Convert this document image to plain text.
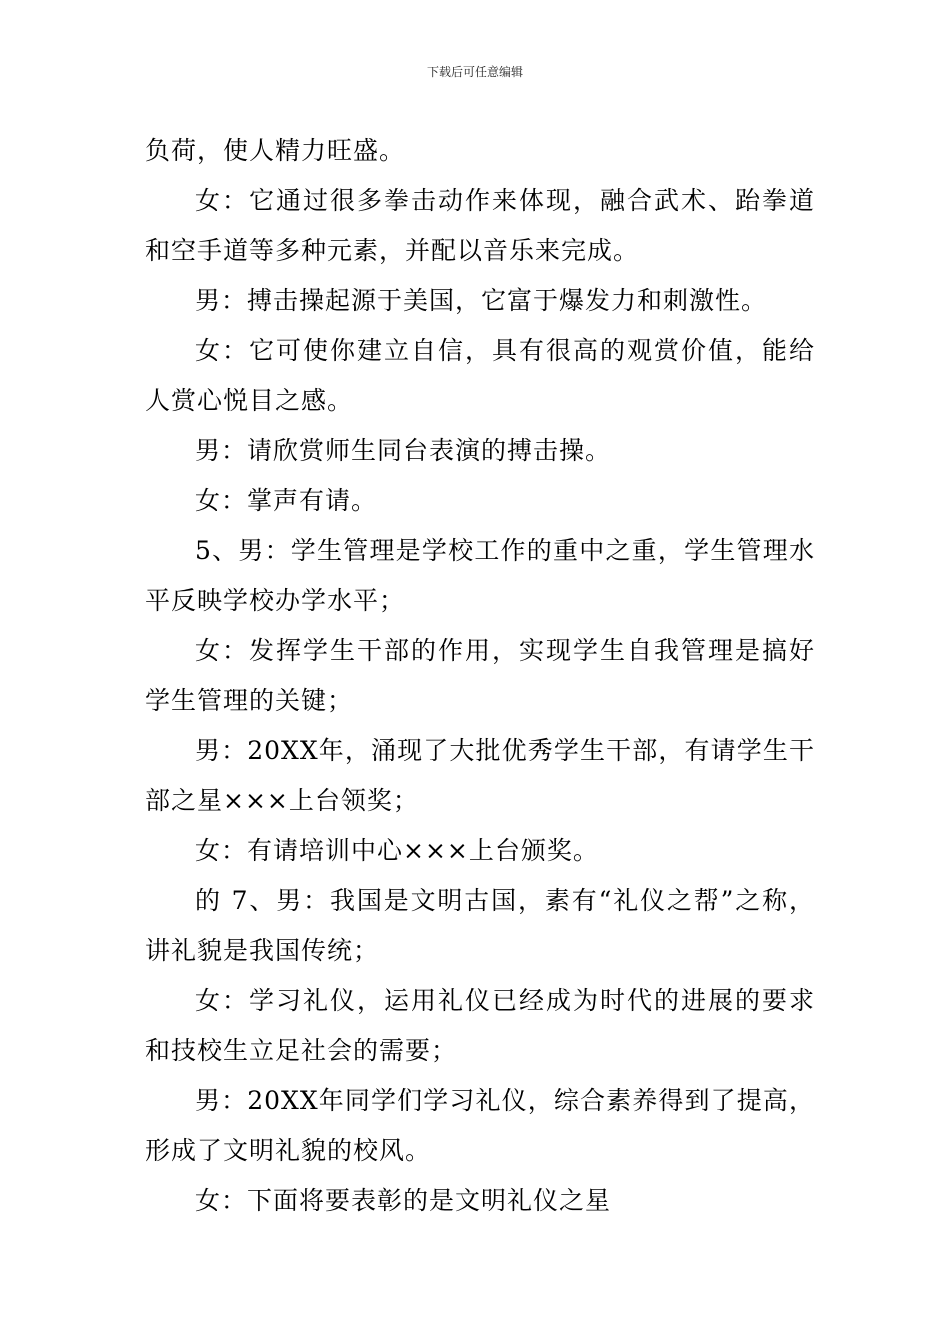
下载后可任意编辑

负荷，使人精力旺盛。

女：它通过很多拳击动作来体现，融合武术、跆拳道和空手道等多种元素，并配以音乐来完成。

男：搏击操起源于美国，它富于爆发力和刺激性。

女：它可使你建立自信，具有很高的观赏价值，能给人赏心悦目之感。

男：请欣赏师生同台表演的搏击操。

女：掌声有请。

5、男：学生管理是学校工作的重中之重，学生管理水平反映学校办学水平；

女：发挥学生干部的作用，实现学生自我管理是搞好学生管理的关键；

男：20XX年，涌现了大批优秀学生干部，有请学生干部之星×××上台领奖；

女：有请培训中心×××上台颁奖。

的 7、男：我国是文明古国，素有“礼仪之帮”之称，讲礼貌是我国传统；

女：学习礼仪，运用礼仪已经成为时代的进展的要求和技校生立足社会的需要；

男：20XX年同学们学习礼仪，综合素养得到了提高，形成了文明礼貌的校风。

女：下面将要表彰的是文明礼仪之星
